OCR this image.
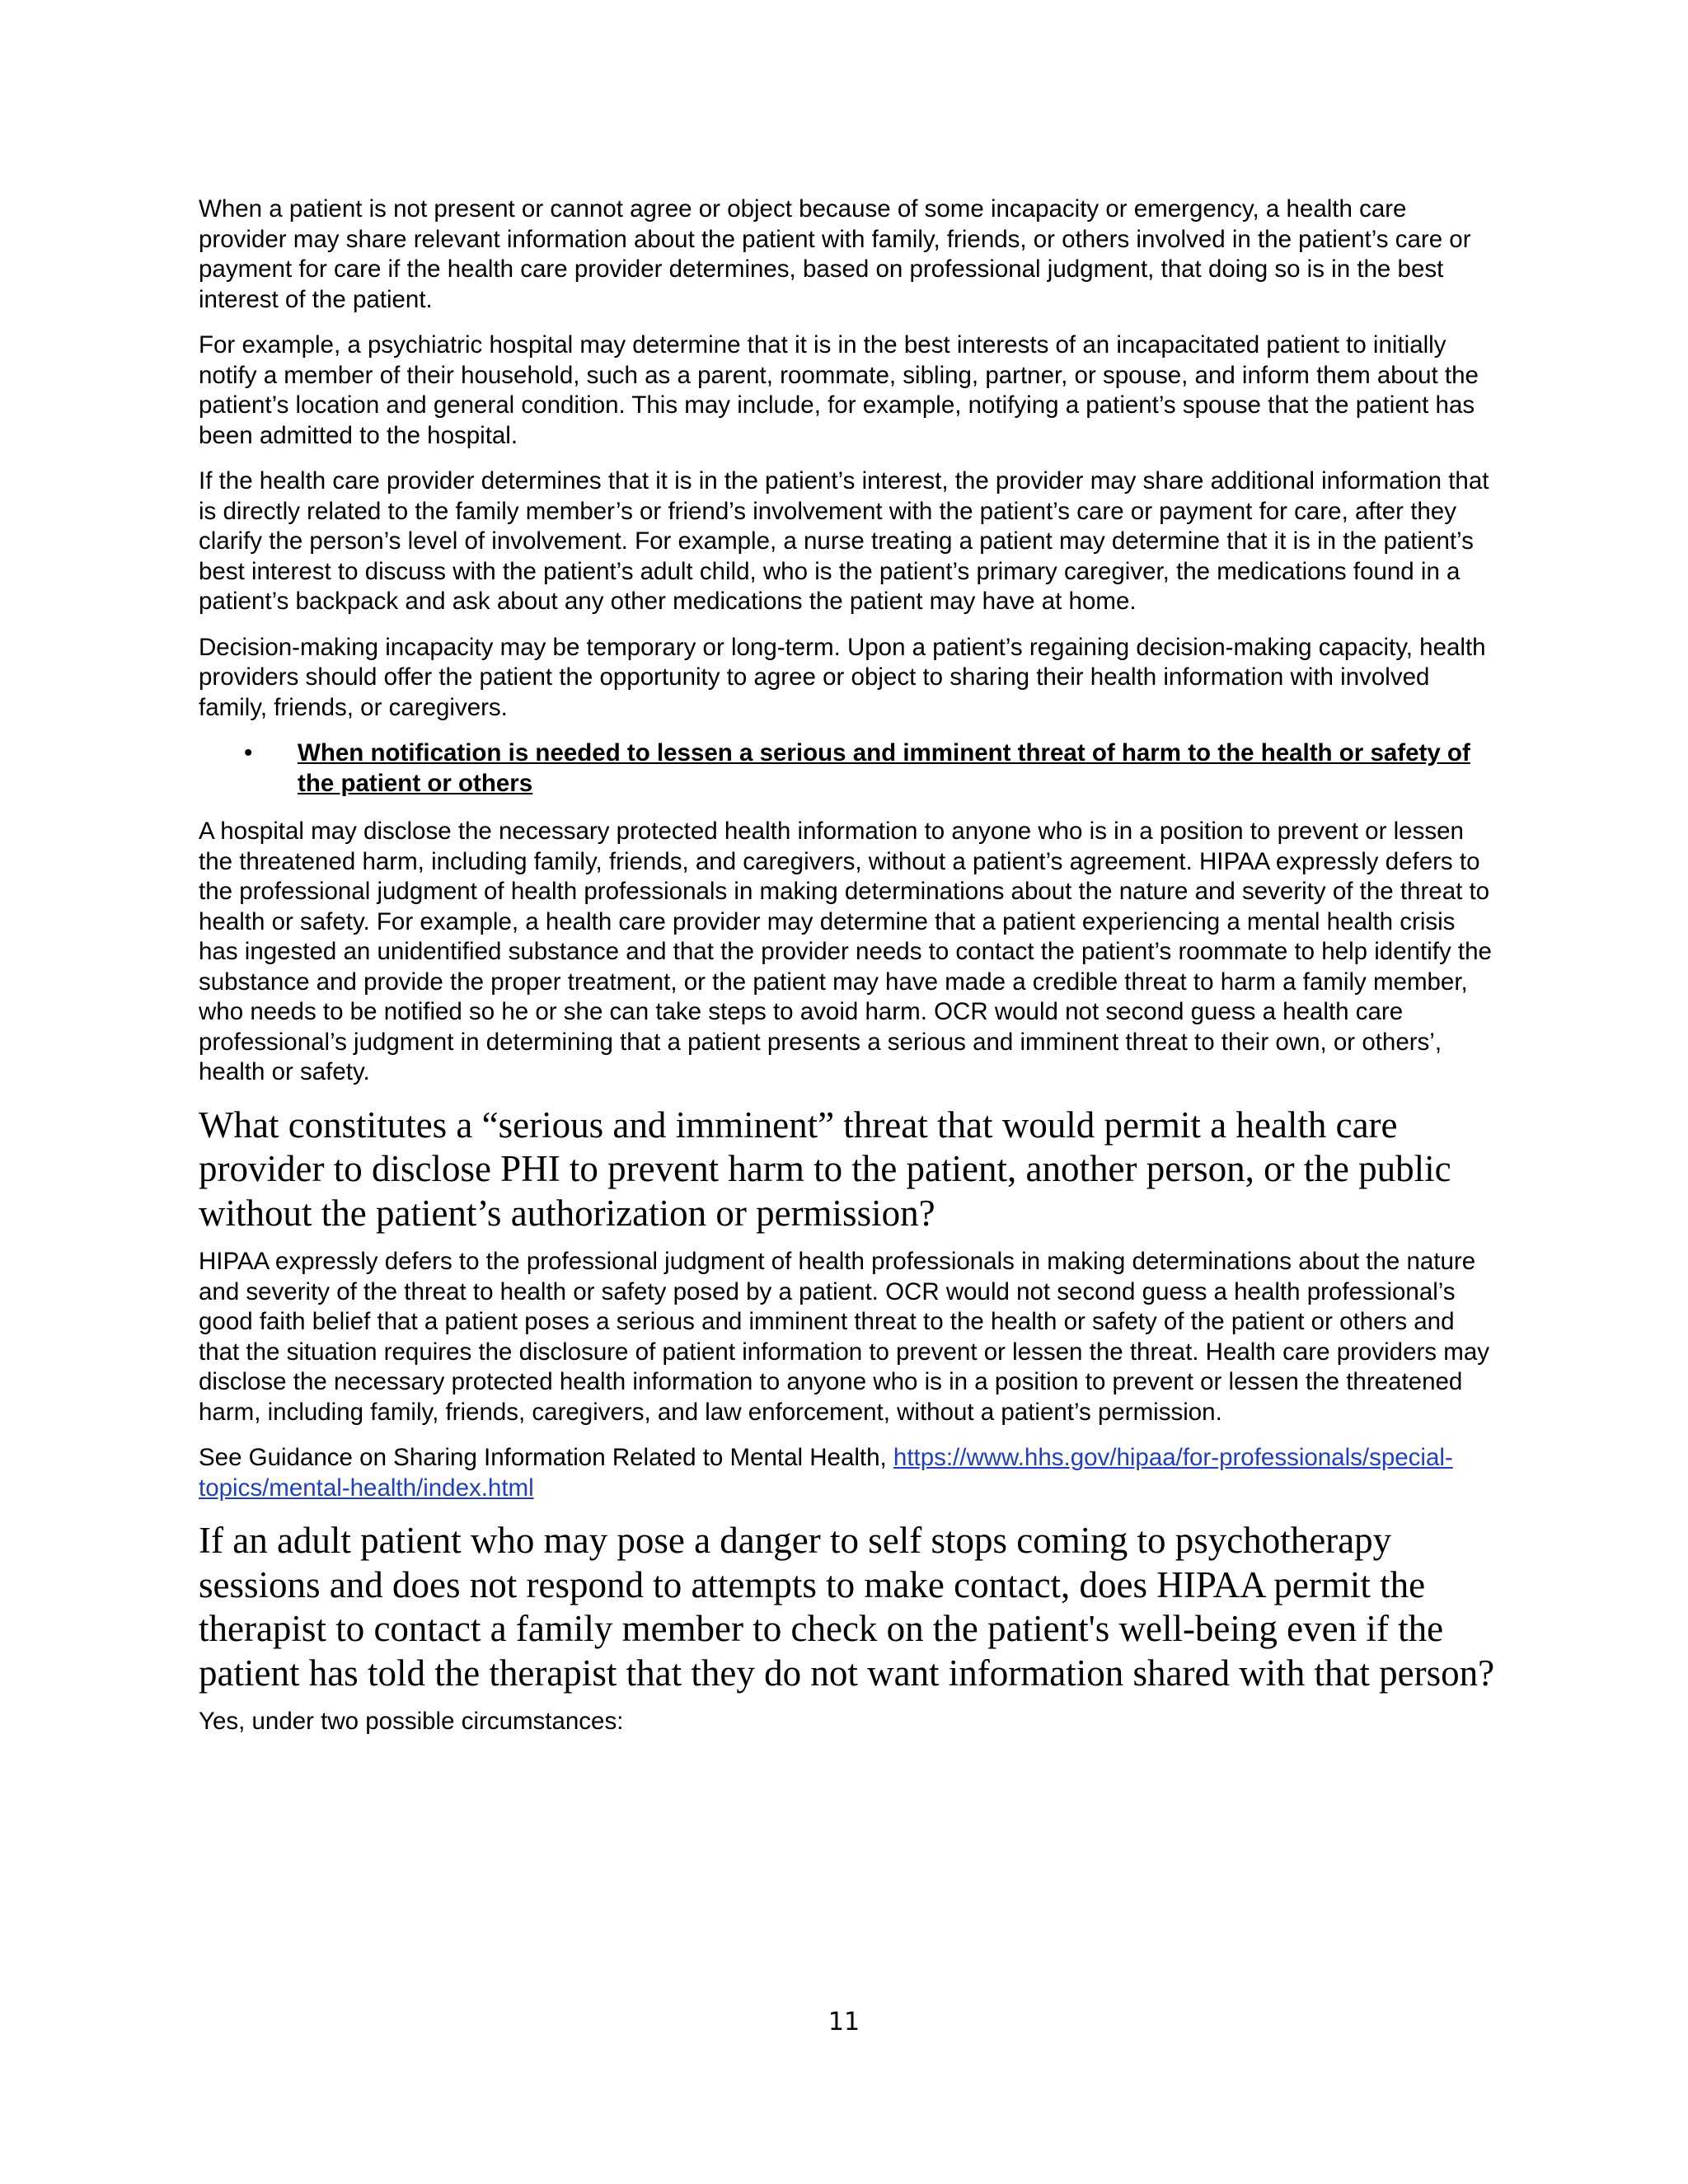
When a patient is not present or cannot agree or object because of some incapacity or emergency, a health care provider may share relevant information about the patient with family, friends, or others involved in the patient’s care or payment for care if the health care provider determines, based on professional judgment, that doing so is in the best interest of the patient.

For example, a psychiatric hospital may determine that it is in the best interests of an incapacitated patient to initially notify a member of their household, such as a parent, roommate, sibling, partner, or spouse, and inform them about the patient’s location and general condition. This may include, for example, notifying a patient’s spouse that the patient has been admitted to the hospital.

If the health care provider determines that it is in the patient’s interest, the provider may share additional information that is directly related to the family member’s or friend’s involvement with the patient’s care or payment for care, after they clarify the person’s level of involvement. For example, a nurse treating a patient may determine that it is in the patient’s best interest to discuss with the patient’s adult child, who is the patient’s primary caregiver, the medications found in a patient’s backpack and ask about any other medications the patient may have at home.

Decision-making incapacity may be temporary or long-term. Upon a patient’s regaining decision-making capacity, health providers should offer the patient the opportunity to agree or object to sharing their health information with involved family, friends, or caregivers.

• When notification is needed to lessen a serious and imminent threat of harm to the health or safety of the patient or others

A hospital may disclose the necessary protected health information to anyone who is in a position to prevent or lessen the threatened harm, including family, friends, and caregivers, without a patient’s agreement. HIPAA expressly defers to the professional judgment of health professionals in making determinations about the nature and severity of the threat to health or safety. For example, a health care provider may determine that a patient experiencing a mental health crisis has ingested an unidentified substance and that the provider needs to contact the patient’s roommate to help identify the substance and provide the proper treatment, or the patient may have made a credible threat to harm a family member, who needs to be notified so he or she can take steps to avoid harm. OCR would not second guess a health care professional’s judgment in determining that a patient presents a serious and imminent threat to their own, or others’, health or safety.

What constitutes a “serious and imminent” threat that would permit a health care provider to disclose PHI to prevent harm to the patient, another person, or the public without the patient’s authorization or permission?

HIPAA expressly defers to the professional judgment of health professionals in making determinations about the nature and severity of the threat to health or safety posed by a patient. OCR would not second guess a health professional’s good faith belief that a patient poses a serious and imminent threat to the health or safety of the patient or others and that the situation requires the disclosure of patient information to prevent or lessen the threat. Health care providers may disclose the necessary protected health information to anyone who is in a position to prevent or lessen the threatened harm, including family, friends, caregivers, and law enforcement, without a patient’s permission.

See Guidance on Sharing Information Related to Mental Health, https://www.hhs.gov/hipaa/for-professionals/special-topics/mental-health/index.html

If an adult patient who may pose a danger to self stops coming to psychotherapy sessions and does not respond to attempts to make contact, does HIPAA permit the therapist to contact a family member to check on the patient's well-being even if the patient has told the therapist that they do not want information shared with that person?

Yes, under two possible circumstances:

11
